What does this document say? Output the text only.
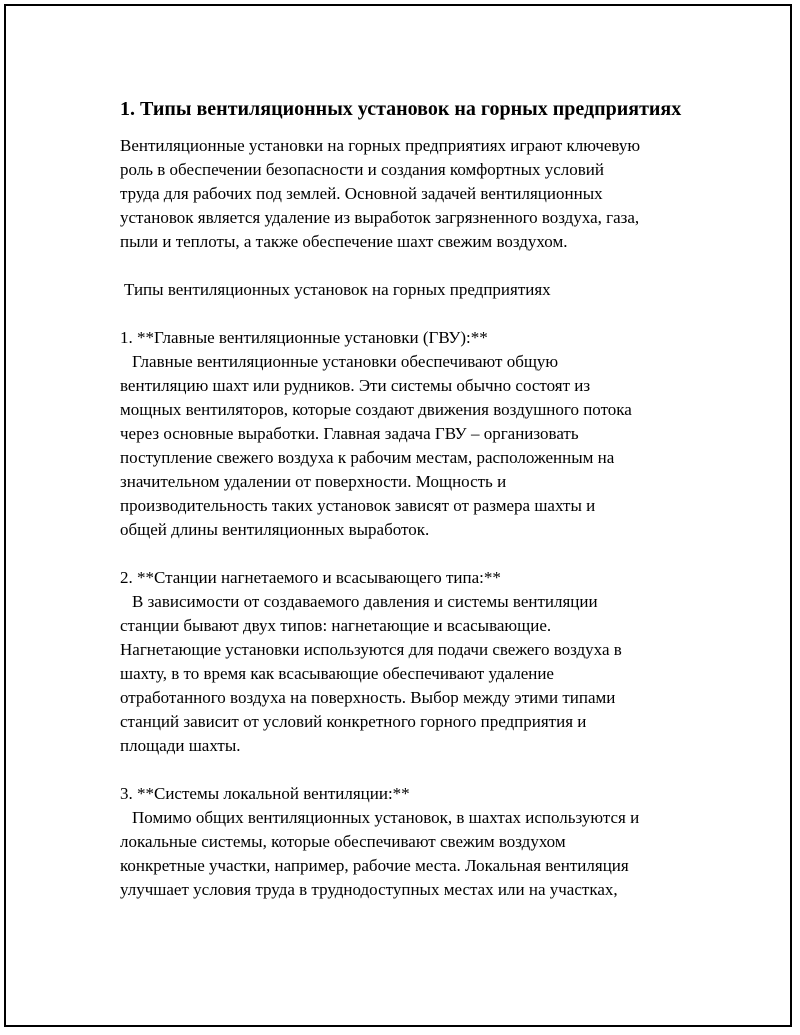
1. Типы вентиляционных установок на горных предприятиях

Вентиляционные установки на горных предприятиях играют ключевую
роль в обеспечении безопасности и создания комфортных условий
труда для рабочих под землей. Основной задачей вентиляционных
установок является удаление из выработок загрязненного воздуха, газа,
пыли и теплоты, а также обеспечение шахт свежим воздухом.

Типы вентиляционных установок на горных предприятиях

1. **Главные вентиляционные установки (ГВУ):**

Главные вентиляционные установки обеспечивают общую
вентиляцию шахт или рудников. Эти системы обычно состоят из
мощных вентиляторов, которые создают движения воздушного потока
через основные выработки. Главная задача ГВУ – организовать
поступление свежего воздуха к рабочим местам, расположенным на
значительном удалении от поверхности. Мощность и
производительность таких установок зависят от размера шахты и
общей длины вентиляционных выработок.

2. **Станции нагнетаемого и всасывающего типа:**

В зависимости от создаваемого давления и системы вентиляции
станции бывают двух типов: нагнетающие и всасывающие.
Нагнетающие установки используются для подачи свежего воздуха в
шахту, в то время как всасывающие обеспечивают удаление
отработанного воздуха на поверхность. Выбор между этими типами
станций зависит от условий конкретного горного предприятия и
площади шахты.

3. **Системы локальной вентиляции:**

Помимо общих вентиляционных установок, в шахтах используются и
локальные системы, которые обеспечивают свежим воздухом
конкретные участки, например, рабочие места. Локальная вентиляция
улучшает условия труда в труднодоступных местах или на участках,
